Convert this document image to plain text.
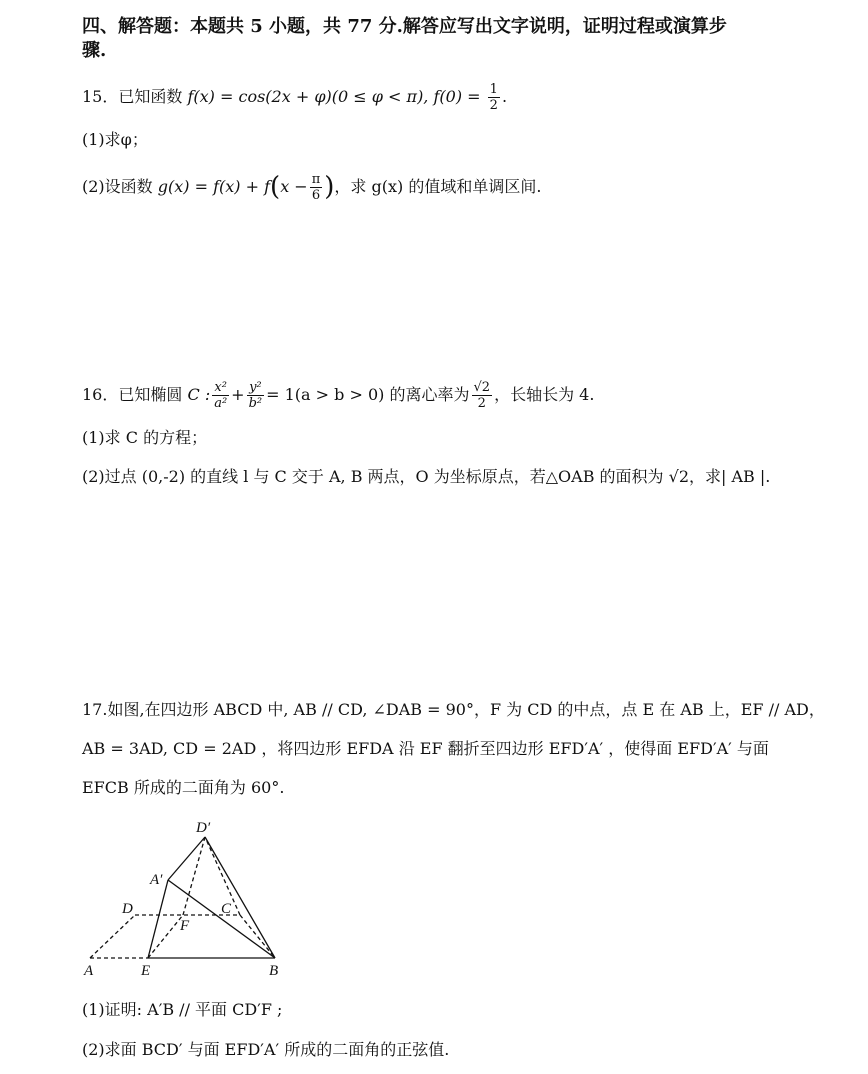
四、解答题：本题共 5 小题，共 77 分.解答应写出文字说明，证明过程或演算步
骤.
15．已知函数 f(x) = cos(2x + φ)(0 ≤ φ < π), $f(0) = \frac{1}{2}$ .
(1)求φ；
(2)设函数 $g(x) = f(x) + f(x - \frac{\pi}{6}$ )，求 g(x) 的值域和单调区间.
16．已知椭圆 C : $\frac{\text{x²}}{\text{a²}} + \frac{\text{y²}}{\text{b²}} = 1(a > b > 0)$ 的离心率为 $\frac{√2}{2}$ ，长轴长为 4.
(1)求 C 的方程；
(2)过点 (0,-2) 的直线 l 与 C 交于 A, B 两点，O 为坐标原点，若△OAB 的面积为 √2，求| AB |.
17.如图,在四边形 ABCD 中, AB // CD, ∠DAB = 90°，F 为 CD 的中点，点 E 在 AB 上，EF // AD，
AB = 3AD, CD = 2AD ，将四边形 EFDA 沿 EF 翻折至四边形 EFD′A′ ，使得面 EFD′A′ 与面
EFCB 所成的二面角为 60°.
D′
A′
D	C
F
A	E	B
(1)证明: A′B // 平面 CD′F ;
(2)求面 BCD′ 与面 EFD′A′ 所成的二面角的正弦值.
